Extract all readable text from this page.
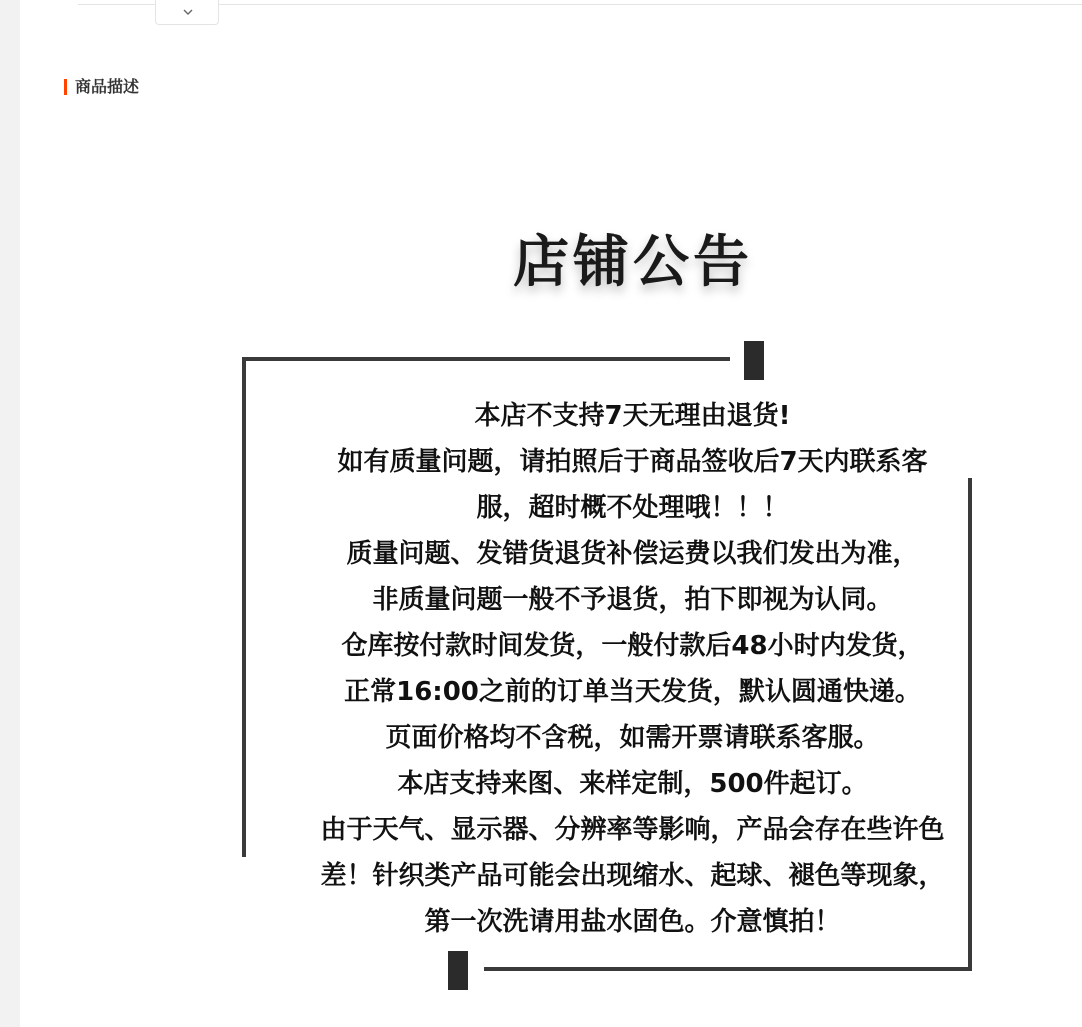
商品描述
店铺公告
本店不支持7天无理由退货!
如有质量问题，请拍照后于商品签收后7天内联系客
服，超时概不处理哦！！！
质量问题、发错货退货补偿运费以我们发出为准，
非质量问题一般不予退货，拍下即视为认同。
仓库按付款时间发货，一般付款后48小时内发货，
正常16:00之前的订单当天发货，默认圆通快递。
页面价格均不含税，如需开票请联系客服。
本店支持来图、来样定制，500件起订。
由于天气、显示器、分辨率等影响，产品会存在些许色
差！针织类产品可能会出现缩水、起球、褪色等现象，
第一次洗请用盐水固色。介意慎拍！
